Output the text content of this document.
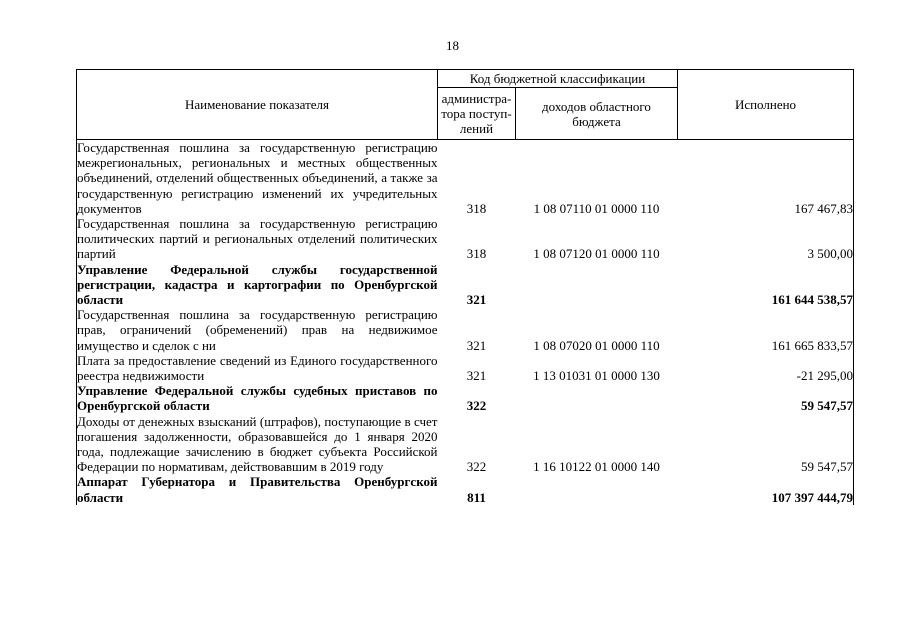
18
Наименование показателя	Код бюджетной классификации		Исполнено
	администра-тора поступ-лений	доходов областного бюджета	
Государственная пошлина за государственную регистрацию межрегиональных, региональных и местных общественных объединений, отделений общественных объединений, а также за государственную регистрацию изменений их учредительных документов	318	1 08 07110 01 0000 110	167 467,83
Государственная пошлина за государственную регистрацию политических партий и региональных отделений политических партий	318	1 08 07120 01 0000 110	3 500,00
Управление Федеральной службы государственной регистрации, кадастра и картографии по Оренбургской области	321		161 644 538,57
Государственная пошлина за государственную регистрацию прав, ограничений (обременений) прав на недвижимое имущество и сделок с ни	321	1 08 07020 01 0000 110	161 665 833,57
Плата за предоставление сведений из Единого государственного реестра недвижимости	321	1 13 01031 01 0000 130	-21 295,00
Управление Федеральной службы судебных приставов по Оренбургской области	322		59 547,57
Доходы от денежных взысканий (штрафов), поступающие в счет погашения задолженности, образовавшейся до 1 января 2020 года, подлежащие зачислению в бюджет субъекта Российской Федерации по нормативам, действовавшим в 2019 году	322	1 16 10122 01 0000 140	59 547,57
Аппарат Губернатора и Правительства Оренбургской области	811		107 397 444,79
